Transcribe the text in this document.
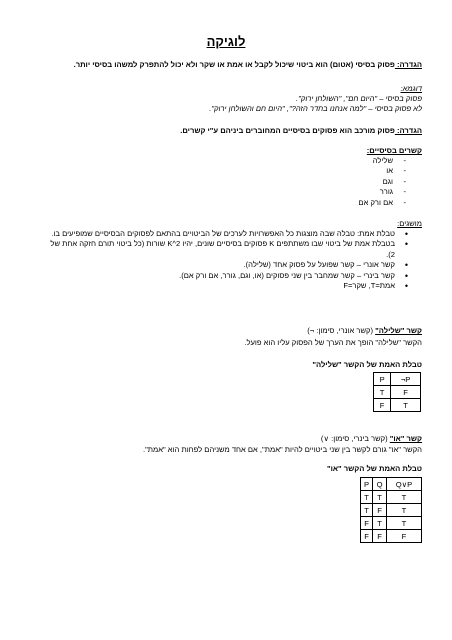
לוגיקה
הגדרה: פסוק בסיסי (אטום) הוא ביטוי שיכול לקבל או אמת או שקר ולא יכול להתפרק למשהו בסיסי יותר.
דוגמא:
פסוק בסיסי – "היום חם", "השולחן ירוק".
לא פסוק בסיסי – "למה אנחנו בחדר הזה?", "היום חם והשולחן ירוק".
הגדרה: פסוק מורכב הוא פסוקים בסיסיים המחוברים ביניהם ע"י קשרים.
קשרים בסיסיים:
- שלילה
- או
- וגם
- גורר
- אם ורק אם
מושגים:
• טבלת אמת: טבלה שבה מוצגות כל האפשרויות לערכים של הביטויים בהתאם לפסוקים הבסיסיים שמופיעים בו.
• בטבלת אמת של ביטוי שבו משתתפים K פסוקים בסיסיים שונים, יהיו 2^K שורות (כל ביטוי תורם חזקה אחת של 2).
• קשר אונרי – קשר שפועל על פסוק אחד (שלילה).
• קשר בינרי – קשר שמחבר בין שני פסוקים (או, וגם, גורר, אם ורק אם).
• אמת=T, שקר=F
קשר "שלילה" (קשר אונרי, סימון: ¬)
הקשר "שלילה" הופך את הערך של הפסוק עליו הוא פועל.
טבלת האמת של הקשר "שלילה"
P	¬P
T	F
F	T
קשר "או" (קשר בינרי, סימון: ∨)
הקשר "או" גורם לקשר בין שני ביטויים להיות "אמת", אם אחד משניהם לפחות הוא "אמת".
טבלת האמת של הקשר "או"
P	Q	Q∨P
T	T	T
T	F	T
F	T	T
F	F	F
